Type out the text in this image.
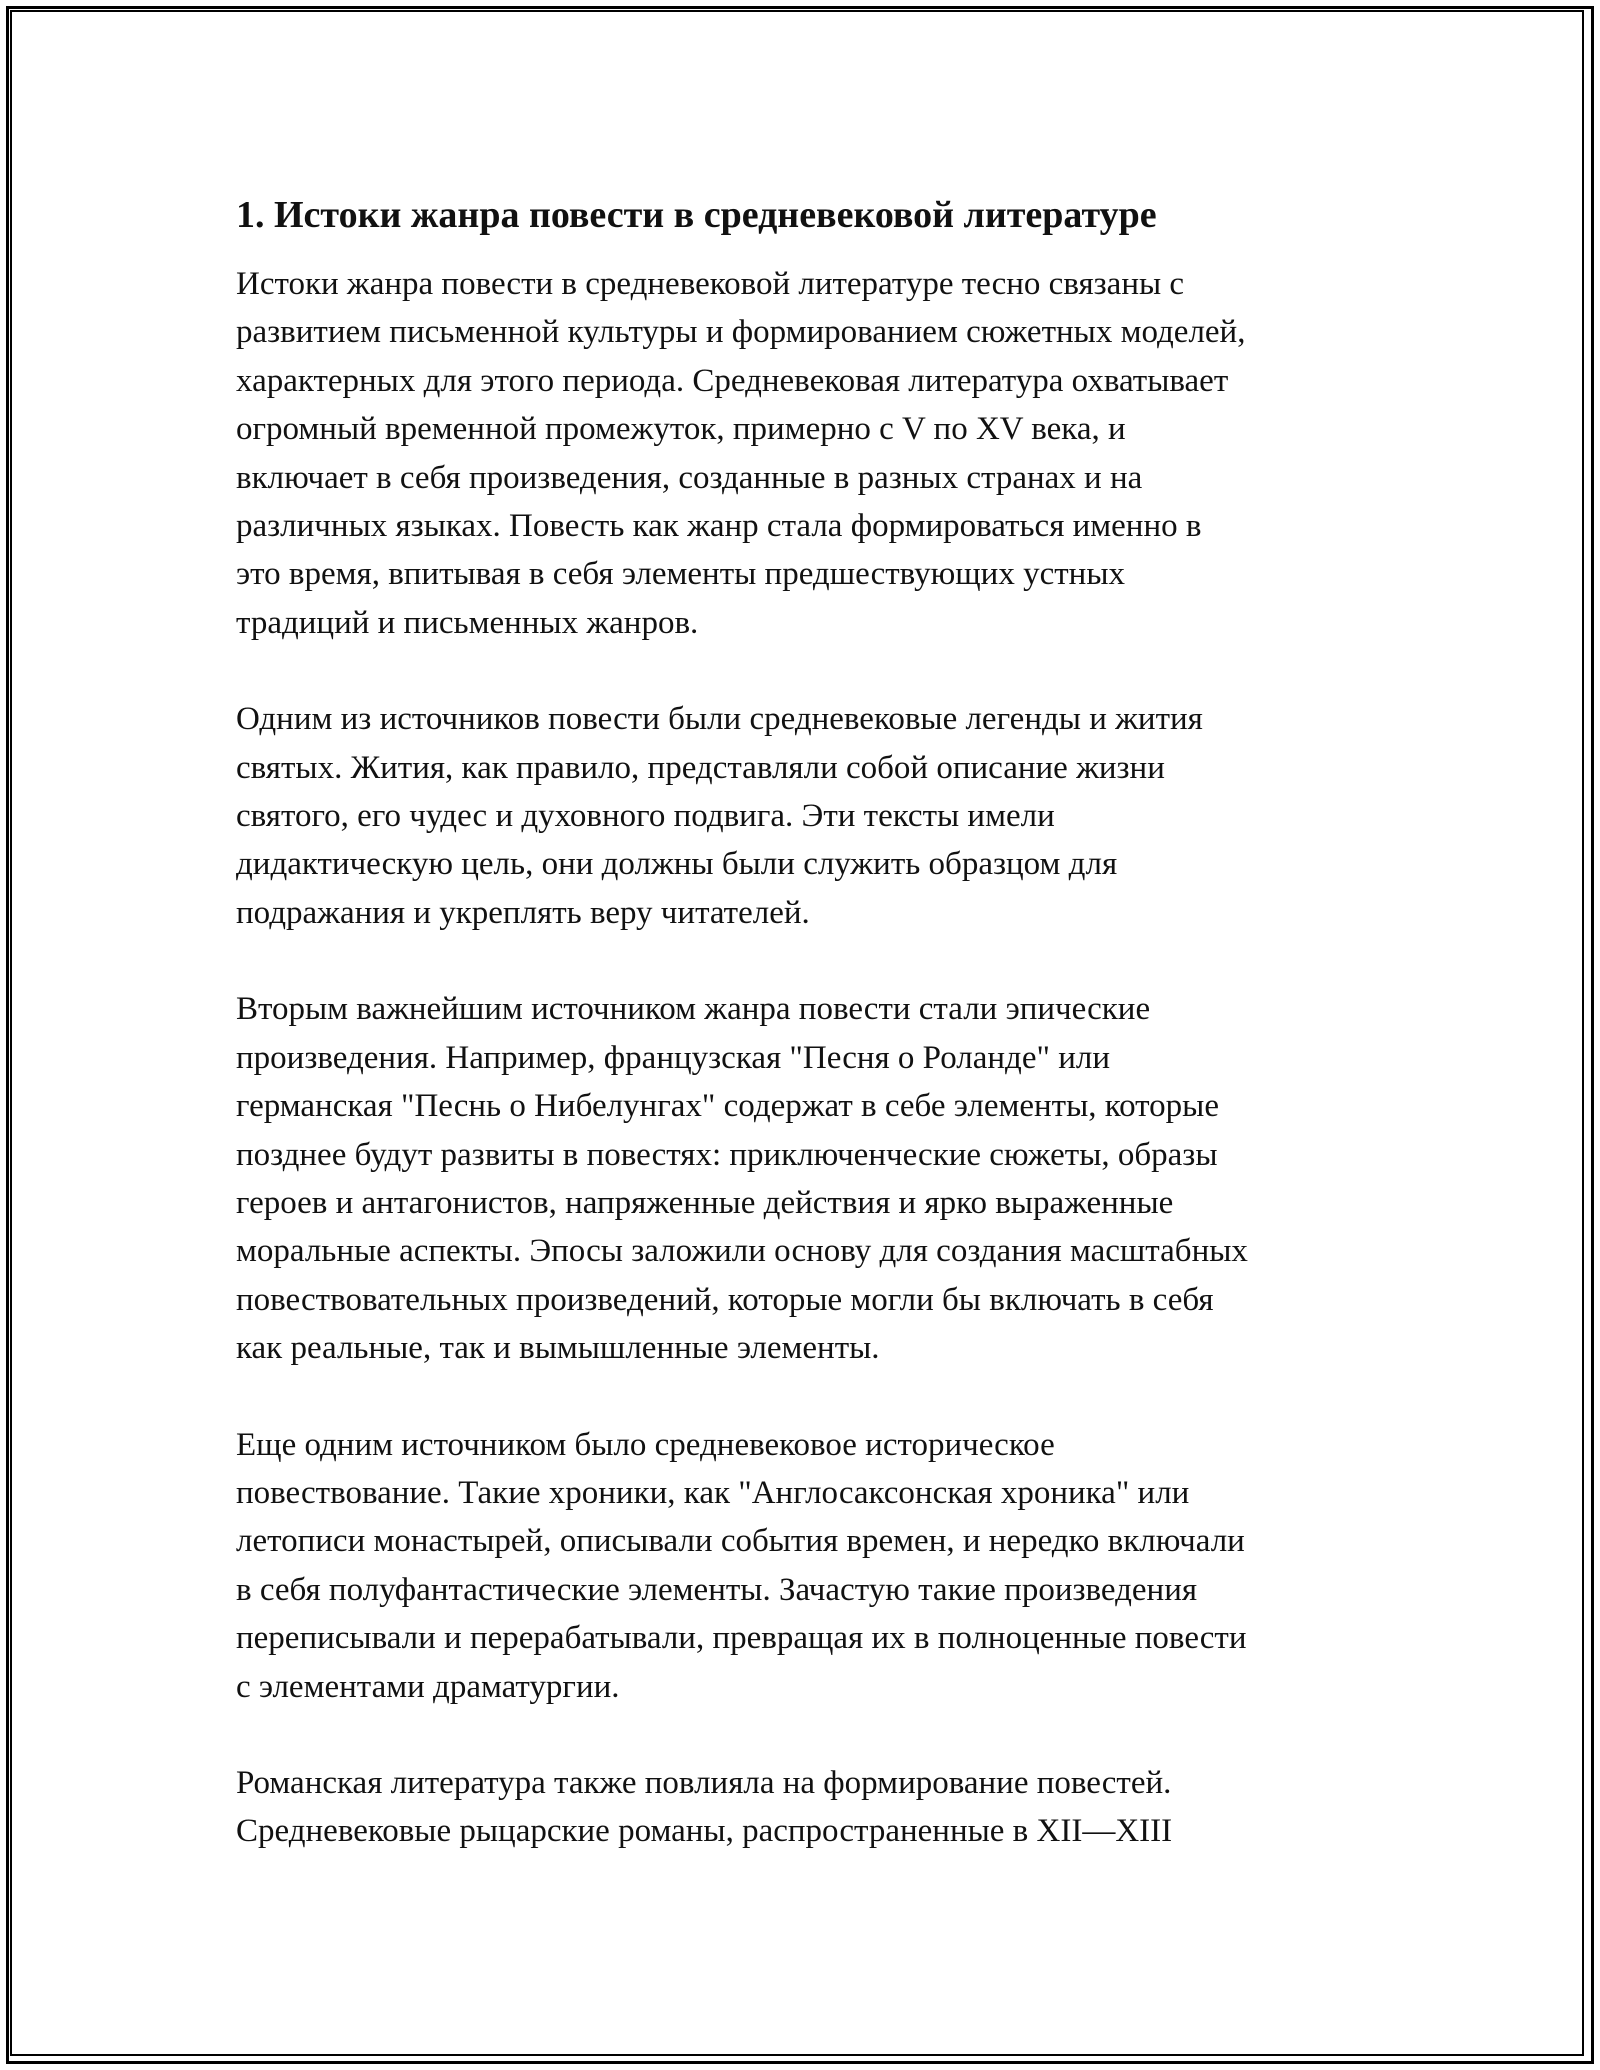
1. Истоки жанра повести в средневековой литературе

Истоки жанра повести в средневековой литературе тесно связаны с
развитием письменной культуры и формированием сюжетных моделей,
характерных для этого периода. Средневековая литература охватывает
огромный временной промежуток, примерно с V по XV века, и
включает в себя произведения, созданные в разных странах и на
различных языках. Повесть как жанр стала формироваться именно в
это время, впитывая в себя элементы предшествующих устных
традиций и письменных жанров.

Одним из источников повести были средневековые легенды и жития
святых. Жития, как правило, представляли собой описание жизни
святого, его чудес и духовного подвига. Эти тексты имели
дидактическую цель, они должны были служить образцом для
подражания и укреплять веру читателей.

Вторым важнейшим источником жанра повести стали эпические
произведения. Например, французская "Песня о Роланде" или
германская "Песнь о Нибелунгах" содержат в себе элементы, которые
позднее будут развиты в повестях: приключенческие сюжеты, образы
героев и антагонистов, напряженные действия и ярко выраженные
моральные аспекты. Эпосы заложили основу для создания масштабных
повествовательных произведений, которые могли бы включать в себя
как реальные, так и вымышленные элементы.

Еще одним источником было средневековое историческое
повествование. Такие хроники, как "Англосаксонская хроника" или
летописи монастырей, описывали события времен, и нередко включали
в себя полуфантастические элементы. Зачастую такие произведения
переписывали и перерабатывали, превращая их в полноценные повести
с элементами драматургии.

Романская литература также повлияла на формирование повестей.
Средневековые рыцарские романы, распространенные в XII—XIII
